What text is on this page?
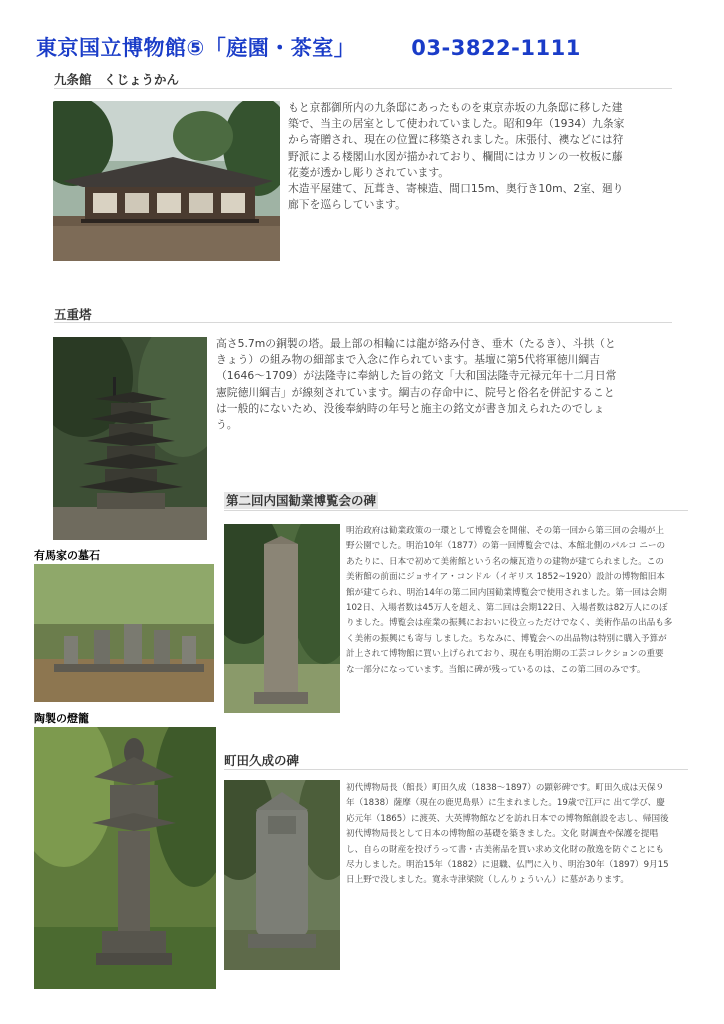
東京国立博物館⑤「庭園・茶室」	03-3822-1111
九条館　くじょうかん
もと京都御所内の九条邸にあったものを東京赤坂の九条邸に移した建
築で、当主の居室として使われていました。昭和9年（1934）九条家
から寄贈され、現在の位置に移築されました。床張付、襖などには狩
野派による楼閣山水図が描かれており、欄間にはカリンの一枚板に藤
花菱が透かし彫りされています。
木造平屋建て、瓦葺き、寄棟造、間口15m、奥行き10m、2室、廻り
廊下を巡らしています。
五重塔
高さ5.7mの銅製の塔。最上部の相輪には龍が絡み付き、垂木（たるき）、斗拱（と
きょう）の組み物の細部まで入念に作られています。基壇に第5代将軍徳川綱吉
（1646～1709）が法隆寺に奉納した旨の銘文「大和国法隆寺元禄元年十二月日常
憲院徳川綱吉」が線刻されています。綱吉の存命中に、院号と俗名を併記すること
は一般的にないため、没後奉納時の年号と施主の銘文が書き加えられたのでしょ
う。
第二回内国勧業博覧会の碑
明治政府は勧業政策の一環として博覧会を開催、その第一回から第三回の会場が上
野公園でした。明治10年（1877）の第一回博覧会では、本館北側のパルコ ニーの
あたりに、日本で初めて美術館という名の煉瓦造りの建物が建てられました。この
美術館の前面にジョサイア・コンドル（イギリス 1852~1920）設計の博物館旧本
館が建てられ、明治14年の第二回内国勧業博覧会で使用されました。第一回は会期
102日、入場者数は45万人を超え、第二回は会期122日、入場者数は82万人にのぼ
りました。博覧会は産業の振興におおいに役立っただけでなく、美術作品の出品も多
く美術の振興にも寄与 しました。ちなみに、博覧会への出品物は特別に購入予算が
計上されて博物館に買い上げられており、現在も明治期の工芸コレクションの重要
な一部分になっています。当館に碑が残っているのは、この第二回のみです。
有馬家の墓石
陶製の燈籠
町田久成の碑
初代博物局長（館長）町田久成（1838～1897）の顕彰碑です。町田久成は天保９
年（1838）薩摩（現在の鹿児島県）に生まれました。19歳で江戸に 出て学び、慶
応元年（1865）に渡英、大英博物館などを訪れ日本での博物館創設を志し、帰国後
初代博物局長として日本の博物館の基礎を築きました。文化 財調査や保護を提唱
し、自らの財産を投げうって書・古美術品を買い求め文化財の散逸を防ぐことにも
尽力しました。明治15年（1882）に退職、仏門に入り、明治30年（1897）9月15
日上野で没しました。寛永寺津梁院（しんりょういん）に墓があります。
